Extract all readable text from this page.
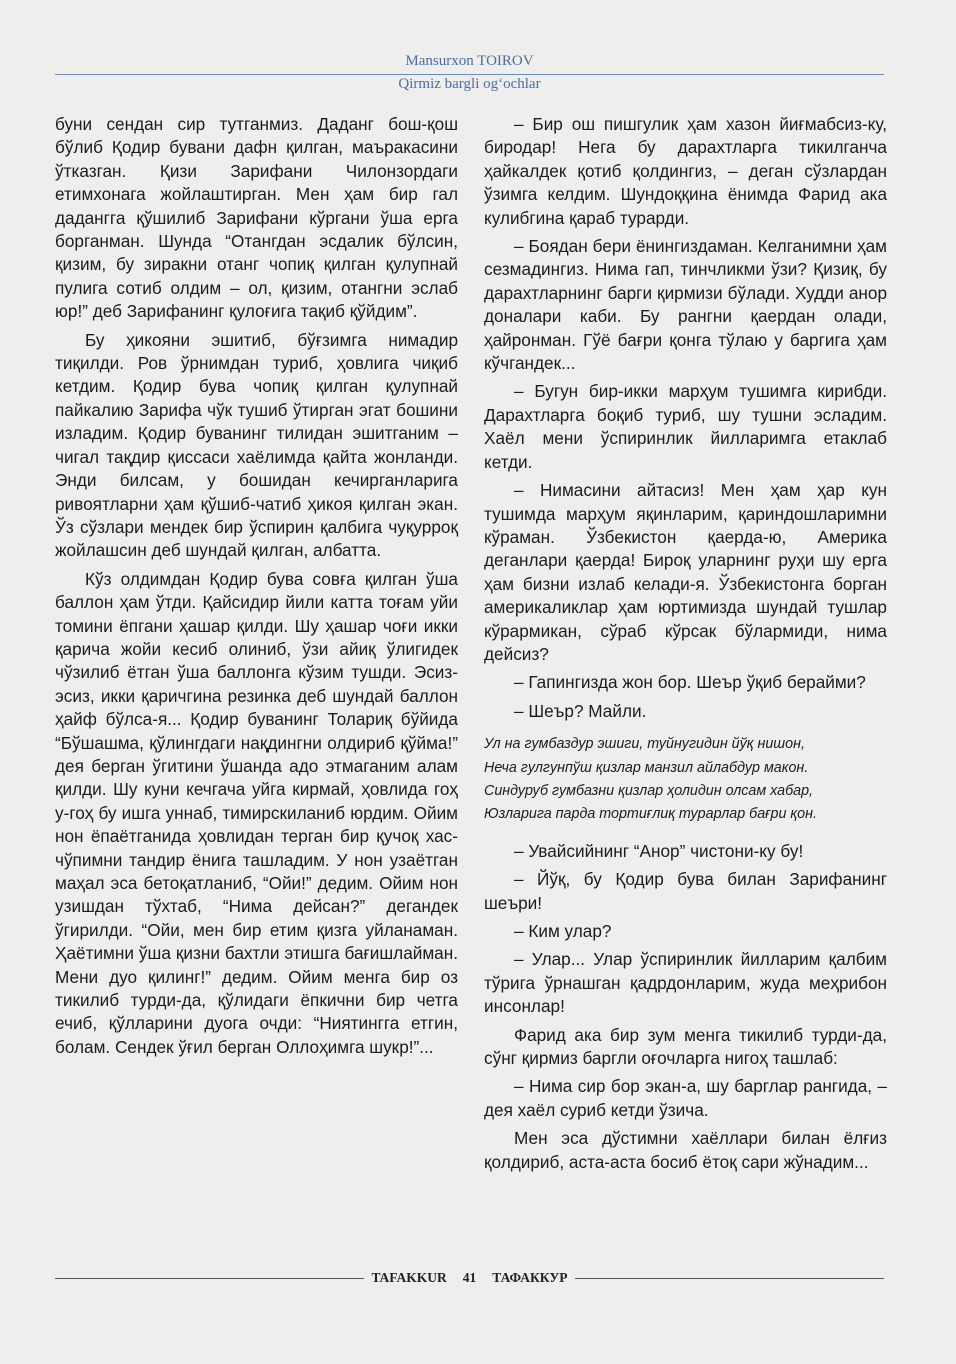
Mansurxon TOIROV
Qirmiz bargli og‘ochlar

буни сендан сир тутганмиз. Даданг бош-қош бўлиб Қодир бувани дафн қилган, маъракасини ўтказган. Қизи Зарифани Чилонзордаги етимхонага жойлаштирган. Мен ҳам бир гал дадангга қўшилиб Зарифани кўргани ўша ерга борганман. Шунда “Отангдан эсдалик бўлсин, қизим, бу зиракни отанг чопиқ қилган қулупнай пулига сотиб олдим – ол, қизим, отангни эслаб юр!” деб Зарифанинг қулоғига тақиб қўйдим”.

Бу ҳикояни эшитиб, бўғзимга нимадир тиқилди. Ров ўрнимдан туриб, ҳовлига чиқиб кетдим. Қодир бува чопиқ қилган қулупнай пайкалию Зарифа чўк тушиб ўтирган эгат бошини изладим. Қодир буванинг тилидан эшитганим – чигал тақдир қиссаси хаёлимда қайта жонланди. Энди билсам, у бошидан кечирганларига ривоятларни ҳам қўшиб-чатиб ҳикоя қилган экан. Ўз сўзлари мендек бир ўспирин қалбига чуқурроқ жойлашсин деб шундай қилган, албатта.

Кўз олдимдан Қодир бува совға қилган ўша баллон ҳам ўтди. Қайсидир йили катта тоғам уйи томини ёпгани ҳашар қилди. Шу ҳашар чоғи икки қарича жойи кесиб олиниб, ўзи айиқ ўлигидек чўзилиб ётган ўша баллонга кўзим тушди. Эсиз-эсиз, икки қаричгина резинка деб шундай баллон ҳайф бўлса-я... Қодир буванинг Толариқ бўйида “Бўшашма, қўлингдаги нақдингни олдириб қўйма!” дея берган ўгитини ўшанда адо этмаганим алам қилди. Шу куни кечгача уйга кирмай, ҳовлида гоҳ у-гоҳ бу ишга уннаб, тимирскиланиб юрдим. Ойим нон ёпаётганида ҳовлидан терган бир қучоқ хас-чўпимни тандир ёнига ташладим. У нон узаётган маҳал эса бетоқатланиб, “Ойи!” дедим. Ойим нон узишдан тўхтаб, “Нима дейсан?” дегандек ўгирилди. “Ойи, мен бир етим қизга уйланаман. Ҳаётимни ўша қизни бахтли этишга бағишлайман. Мени дуо қилинг!” дедим. Ойим менга бир оз тикилиб турди-да, қўлидаги ёпкични бир четга ечиб, қўлларини дуога очди: “Ниятингга етгин, болам. Сендек ўғил берган Оллоҳимга шукр!”...

– Бир ош пишгулик ҳам хазон йиғмабсиз-ку, биродар! Нега бу дарахтларга тикилганча ҳайкалдек қотиб қолдингиз, – деган сўзлардан ўзимга келдим. Шундоққина ёнимда Фарид ака кулибгина қараб турарди.

– Боядан бери ёнингиздаман. Келганимни ҳам сезмадингиз. Нима гап, тинчликми ўзи? Қизиқ, бу дарахтларнинг барги қирмизи бўлади. Худди анор доналари каби. Бу рангни қаердан олади, ҳайронман. Гўё бағри қонга тўлаю у баргига ҳам кўчгандек...

– Бугун бир-икки марҳум тушимга кирибди. Дарахтларга боқиб туриб, шу тушни эсладим. Хаёл мени ўспиринлик йилларимга етаклаб кетди.

– Нимасини айтасиз! Мен ҳам ҳар кун тушимда марҳум яқинларим, қариндошларимни кўраман. Ўзбекистон қаерда-ю, Америка деганлари қаерда! Бироқ уларнинг руҳи шу ерга ҳам бизни излаб келади-я. Ўзбекистонга борган америкаликлар ҳам юртимизда шундай тушлар кўрармикан, сўраб кўрсак бўлармиди, нима дейсиз?

– Гапингизда жон бор. Шеър ўқиб берайми?

– Шеър? Майли.

Ул на гумбаздур эшиги, туйнугидин йўқ нишон,
Неча гулгунпўш қизлар манзил айлабдур макон.
Синдуруб гумбазни қизлар ҳолидин олсам хабар,
Юзларига парда тортиғлиқ турарлар бағри қон.

– Увайсийнинг “Анор” чистони-ку бу!

– Йўқ, бу Қодир бува билан Зарифанинг шеъри!

– Ким улар?

– Улар... Улар ўспиринлик йилларим қалбим тўрига ўрнашган қадрдонларим, жуда меҳрибон инсонлар!

Фарид ака бир зум менга тикилиб турди-да, сўнг қирмиз баргли оғочларга нигоҳ ташлаб:

– Нима сир бор экан-а, шу барглар рангида, – дея хаёл суриб кетди ўзича.

Мен эса дўстимни хаёллари билан ёлғиз қолдириб, аста-аста босиб ётоқ сари жўнадим...

TAFAKKUR	41	ТАФАККУР
